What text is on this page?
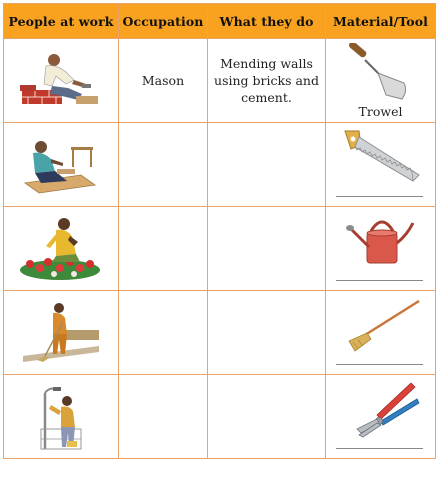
People at work	Occupation	What they do	Material/Tool

	Mason	Mending walls using bricks and cement.	Trowel
